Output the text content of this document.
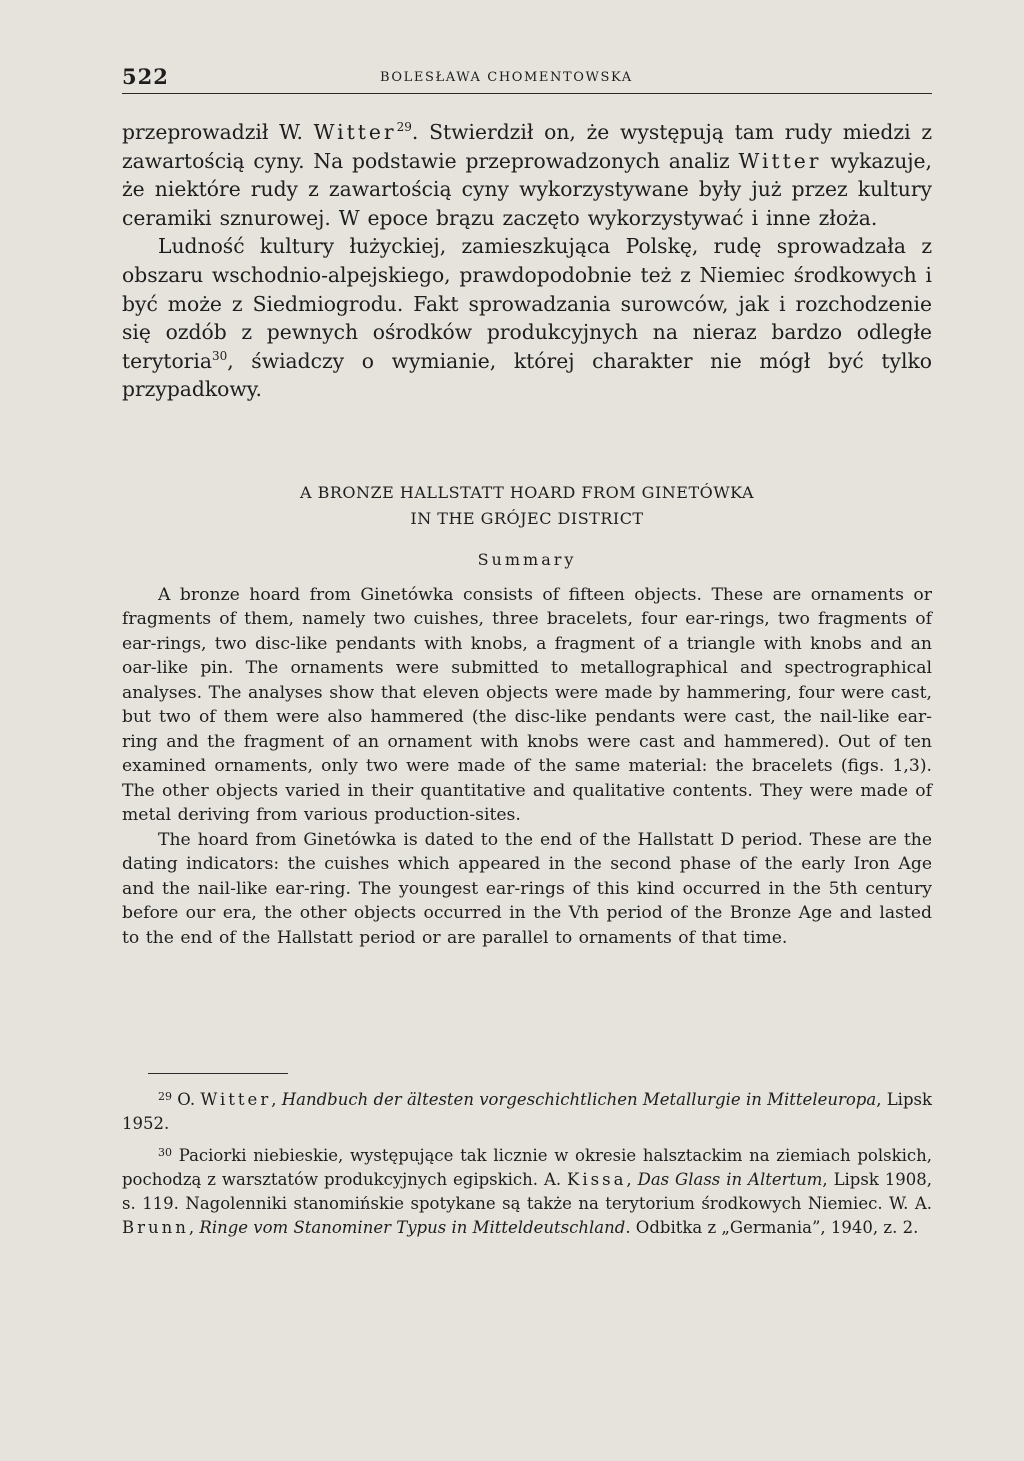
522	BOLESŁAWA CHOMENTOWSKA

przeprowadził W. Witter$^{29}$. Stwierdził on, że występują tam rudy miedzi z zawartością cyny. Na podstawie przeprowadzonych analiz Witter wykazuje, że niektóre rudy z zawartością cyny wykorzystywane były już przez kultury ceramiki sznurowej. W epoce brązu zaczęto wykorzystywać i inne złoża.

Ludność kultury łużyckiej, zamieszkująca Polskę, rudę sprowadzała z obszaru wschodnio-alpejskiego, prawdopodobnie też z Niemiec środkowych i być może z Siedmiogrodu. Fakt sprowadzania surowców, jak i rozchodzenie się ozdób z pewnych ośrodków produkcyjnych na nieraz bardzo odległe terytoria$^{30}$, świadczy o wymianie, której charakter nie mógł być tylko przypadkowy.

A BRONZE HALLSTATT HOARD FROM GINETÓWKA
IN THE GRÓJEC DISTRICT
Summary

A bronze hoard from Ginetówka consists of fifteen objects. These are ornaments or fragments of them, namely two cuishes, three bracelets, four ear-rings, two fragments of ear-rings, two disc-like pendants with knobs, a fragment of a triangle with knobs and an oar-like pin. The ornaments were submitted to metallographical and spectrographical analyses. The analyses show that eleven objects were made by hammering, four were cast, but two of them were also hammered (the disc-like pendants were cast, the nail-like ear-ring and the fragment of an ornament with knobs were cast and hammered). Out of ten examined ornaments, only two were made of the same material: the bracelets (figs. 1,3). The other objects varied in their quantitative and qualitative contents. They were made of metal deriving from various production-sites.

The hoard from Ginetówka is dated to the end of the Hallstatt D period. These are the dating indicators: the cuishes which appeared in the second phase of the early Iron Age and the nail-like ear-ring. The youngest ear-rings of this kind occurred in the 5th century before our era, the other objects occurred in the Vth period of the Bronze Age and lasted to the end of the Hallstatt period or are parallel to ornaments of that time.

$^{29}$ O. Witter, Handbuch der ältesten vorgeschichtlichen Metallurgie in Mitteleuropa, Lipsk 1952.

$^{30}$ Paciorki niebieskie, występujące tak licznie w okresie halsztackim na ziemiach polskich, pochodzą z warsztatów produkcyjnych egipskich. A. Kissa, Das Glass in Altertum, Lipsk 1908, s. 119. Nagolenniki stanomińskie spotykane są także na terytorium środkowych Niemiec. W. A. Brunn, Ringe vom Stanominer Typus in Mitteldeutschland. Odbitka z „Germania”, 1940, z. 2.
